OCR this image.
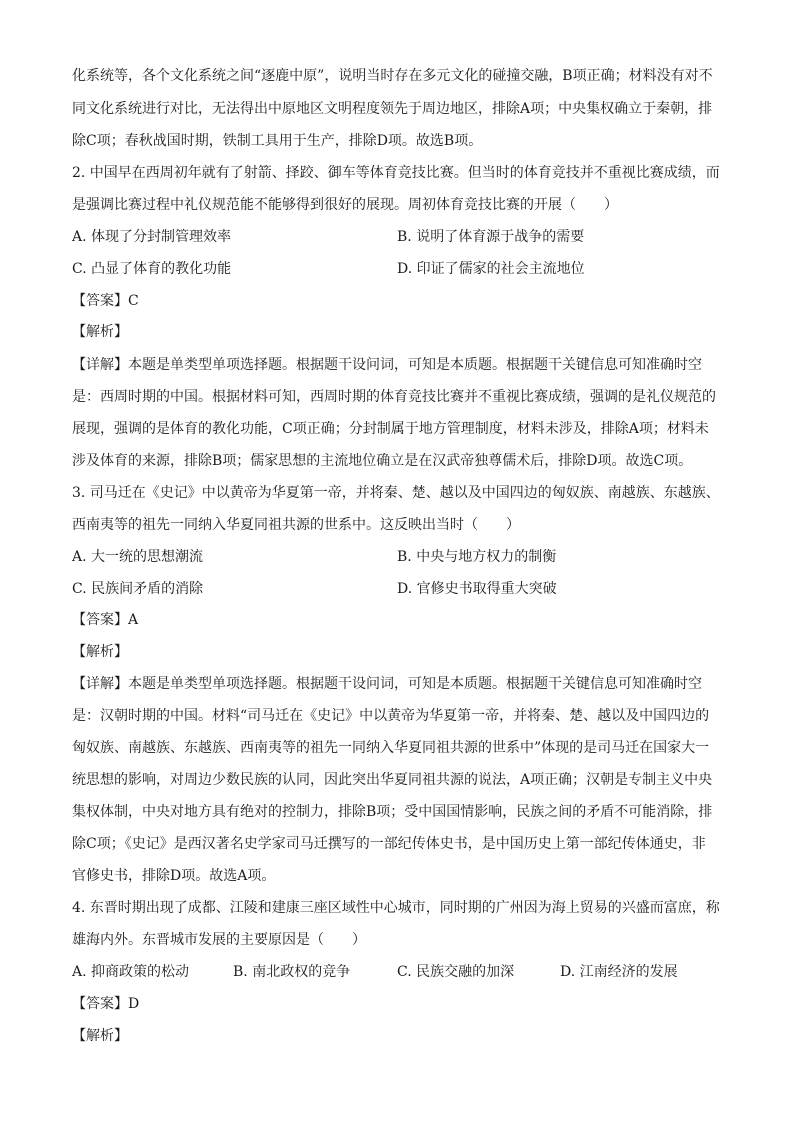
化系统等，各个文化系统之间“逐鹿中原”，说明当时存在多元文化的碰撞交融，B项正确；材料没有对不
同文化系统进行对比，无法得出中原地区文明程度领先于周边地区，排除A项；中央集权确立于秦朝，排
除C项；春秋战国时期，铁制工具用于生产，排除D项。故选B项。
2. 中国早在西周初年就有了射箭、择跤、御车等体育竞技比赛。但当时的体育竞技并不重视比赛成绩，而
是强调比赛过程中礼仪规范能不能够得到很好的展现。周初体育竞技比赛的开展（　　）
A. 体现了分封制管理效率	B. 说明了体育源于战争的需要
C. 凸显了体育的教化功能	D. 印证了儒家的社会主流地位
【答案】C
【解析】
【详解】本题是单类型单项选择题。根据题干设问词，可知是本质题。根据题干关键信息可知准确时空
是：西周时期的中国。根据材料可知，西周时期的体育竞技比赛并不重视比赛成绩，强调的是礼仪规范的
展现，强调的是体育的教化功能，C项正确；分封制属于地方管理制度，材料未涉及，排除A项；材料未
涉及体育的来源，排除B项；儒家思想的主流地位确立是在汉武帝独尊儒术后，排除D项。故选C项。
3. 司马迁在《史记》中以黄帝为华夏第一帝，并将秦、楚、越以及中国四边的匈奴族、南越族、东越族、
西南夷等的祖先一同纳入华夏同祖共源的世系中。这反映出当时（　　）
A. 大一统的思想潮流	B. 中央与地方权力的制衡
C. 民族间矛盾的消除	D. 官修史书取得重大突破
【答案】A
【解析】
【详解】本题是单类型单项选择题。根据题干设问词，可知是本质题。根据题干关键信息可知准确时空
是：汉朝时期的中国。材料“司马迁在《史记》中以黄帝为华夏第一帝，并将秦、楚、越以及中国四边的
匈奴族、南越族、东越族、西南夷等的祖先一同纳入华夏同祖共源的世系中”体现的是司马迁在国家大一
统思想的影响，对周边少数民族的认同，因此突出华夏同祖共源的说法，A项正确；汉朝是专制主义中央
集权体制，中央对地方具有绝对的控制力，排除B项；受中国国情影响，民族之间的矛盾不可能消除，排
除C项；《史记》是西汉著名史学家司马迁撰写的一部纪传体史书，是中国历史上第一部纪传体通史，非
官修史书，排除D项。故选A项。
4. 东晋时期出现了成都、江陵和建康三座区域性中心城市，同时期的广州因为海上贸易的兴盛而富庶，称
雄海内外。东晋城市发展的主要原因是（　　）
A. 抑商政策的松动	B. 南北政权的竞争	C. 民族交融的加深	D. 江南经济的发展
【答案】D
【解析】
